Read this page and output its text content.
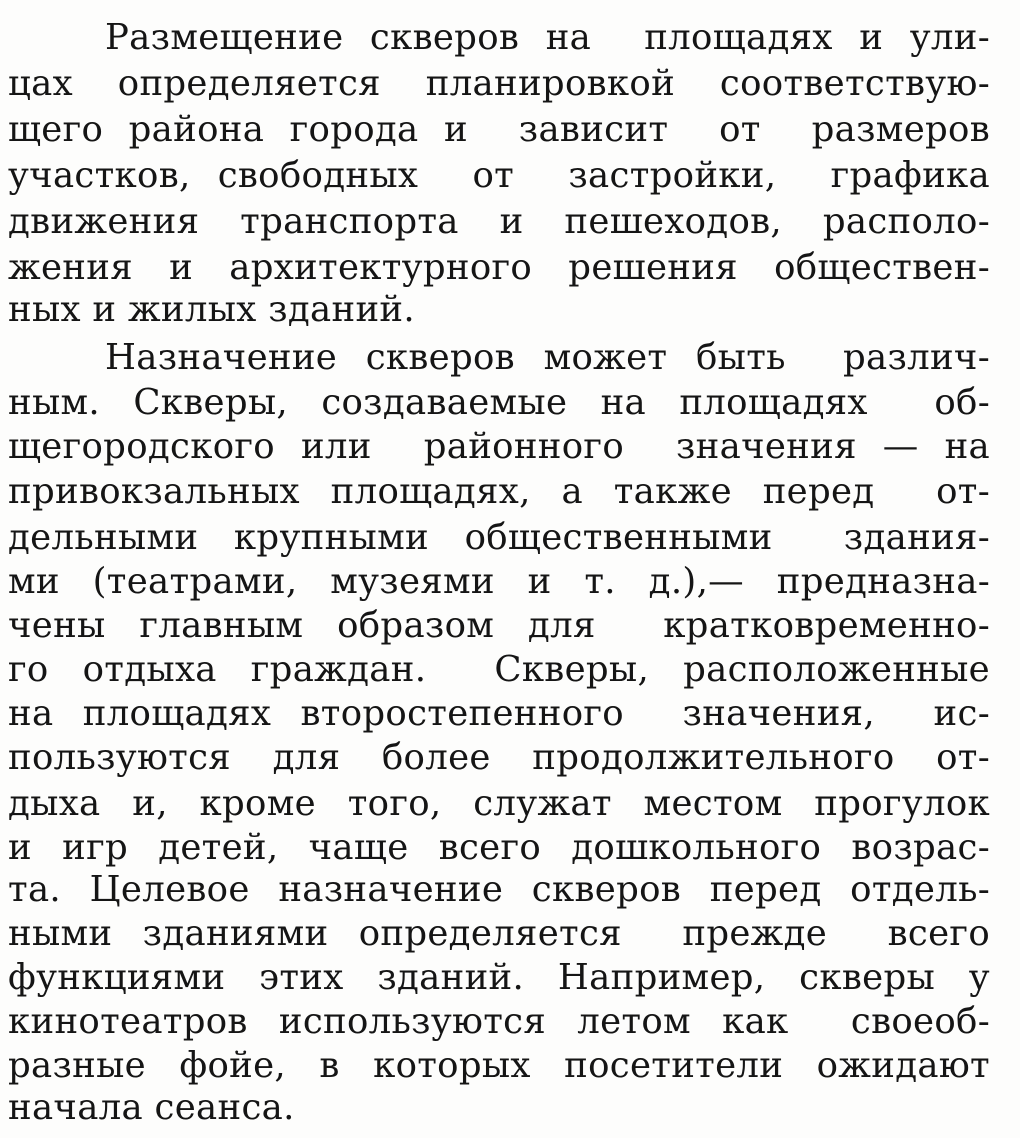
Размещение скверов на  площадях и ули-
цах определяется планировкой соответствую-
щего района города и  зависит  от  размеров
участков, свободных  от  застройки,  графика
движения транспорта и пешеходов, располо-
жения и архитектурного решения обществен-
ных и жилых зданий.
Назначение скверов может быть  различ-
ным. Скверы, создаваемые на площадях  об-
щегородского или  районного  значения — на
привокзальных площадях, а также перед  от-
дельными крупными общественными  здания-
ми (театрами, музеями и т. д.),— предназна-
чены главным образом для  кратковременно-
го отдыха граждан.  Скверы, расположенные
на площадях второстепенного  значения,  ис-
пользуются для более продолжительного от-
дыха и, кроме того, служат местом прогулок
и игр детей, чаще всего дошкольного возрас-
та. Целевое назначение скверов перед отдель-
ными зданиями определяется  прежде  всего
функциями этих зданий. Например, скверы у
кинотеатров используются летом как  своеоб-
разные фойе, в которых посетители ожидают
начала сеанса.
